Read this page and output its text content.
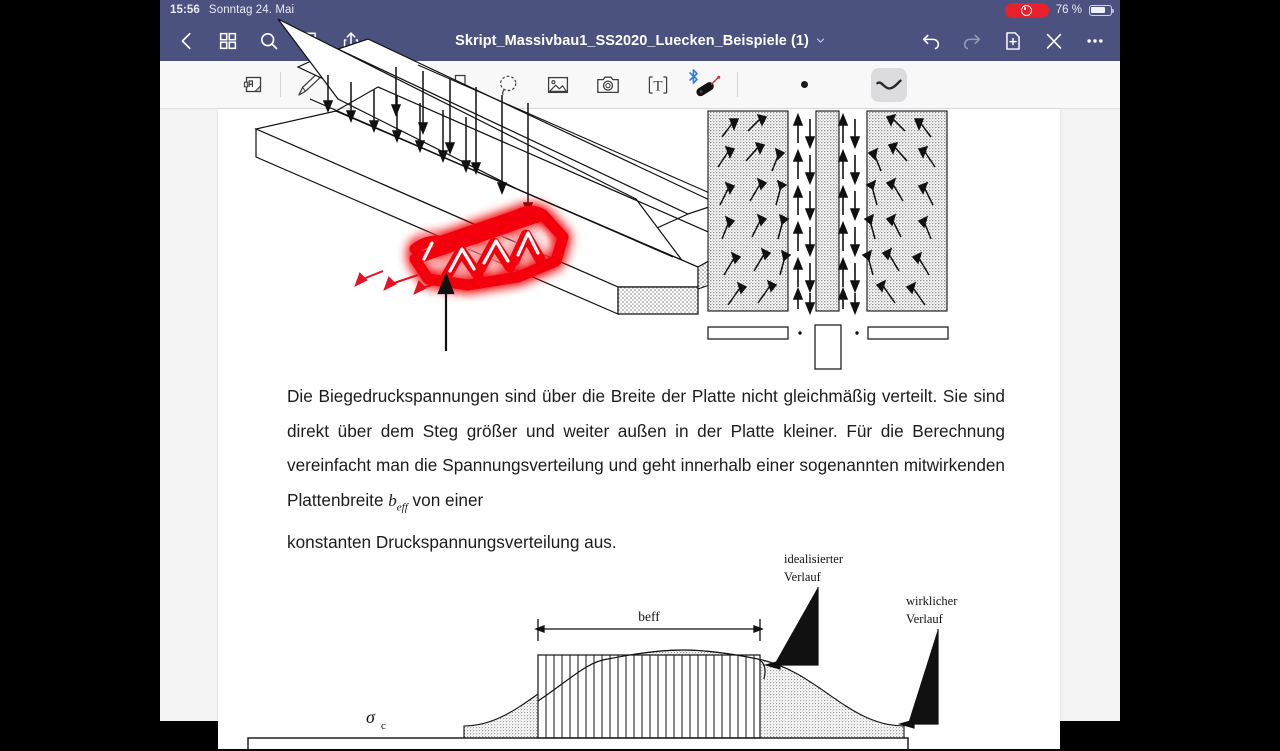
15:56 Sonntag 24. Mai	76 %
Skript_Massivbau1_SS2020_Luecken_Beispiele (1)
T
Die Biegedruckspannungen sind über die Breite der Platte nicht gleichmäßig verteilt. Sie sind direkt über dem Steg größer und weiter außen in der Platte kleiner. Für die Berechnung vereinfacht man die Spannungsverteilung und geht innerhalb einer sogenannten mitwirkenden Plattenbreite $b_{eff}$ von einer
konstanten Druckspannungsverteilung aus.
beff
idealisierter
Verlauf
wirklicher
Verlauf
σ c
